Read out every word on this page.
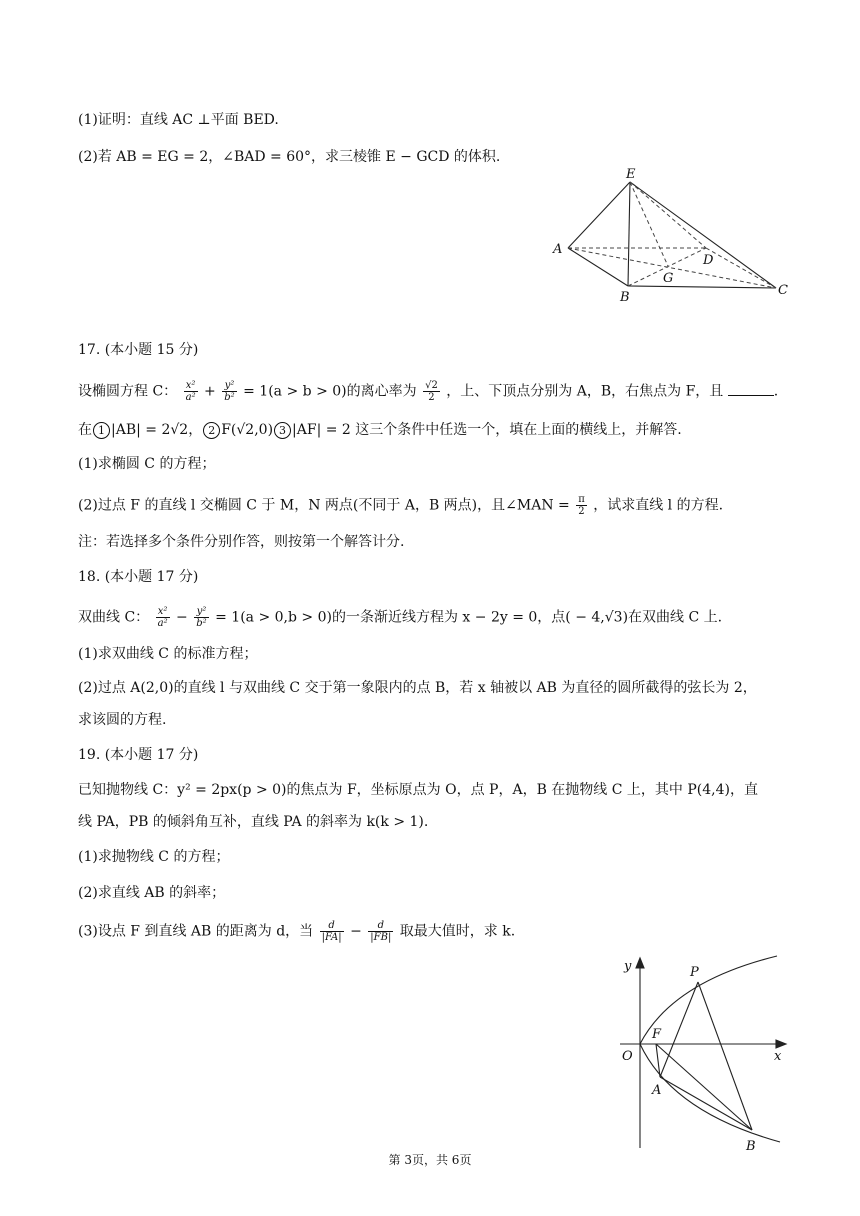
(1)证明：直线 AC ⊥平面 BED.
(2)若 AB = EG = 2，∠BAD = 60°，求三棱锥 E − GCD 的体积.
E
A
D
G
B	C
17. (本小题 15 分)
设椭圆方程 C： $\frac{\text{x²}}{\text{a²}} + \frac{\text{y²}}{\text{b²}} = 1(a > b > 0)$的离心率为 $\frac{√2}{2}$ ，上、下顶点分别为 A，B，右焦点为 F，且	.
在 1 |AB| = 2√2， 2 F(√2,0) 3 |AF| = 2 这三个条件中任选一个，填在上面的横线上，并解答.
(1)求椭圆 C 的方程；
(2)过点 F 的直线 l 交椭圆 C 于 M，N 两点(不同于 A，B 两点)，且∠MAN = $\frac{\pi}{2}$ ，试求直线 l 的方程.
注：若选择多个条件分别作答，则按第一个解答计分.
18. (本小题 17 分)
双曲线 C： $\frac{\text{x²}}{\text{a²}} - \frac{\text{y²}}{\text{b²}} = 1(a > 0,b > 0)$的一条渐近线方程为 x − 2y = 0，点( − 4,√3)在双曲线 C 上.
(1)求双曲线 C 的标准方程；
(2)过点 A(2,0)的直线 l 与双曲线 C 交于第一象限内的点 B，若 x 轴被以 AB 为直径的圆所截得的弦长为 2，
求该圆的方程.
19. (本小题 17 分)
已知抛物线 C：y² = 2px(p > 0)的焦点为 F，坐标原点为 O，点 P，A，B 在抛物线 C 上，其中 P(4,4)，直
线 PA，PB 的倾斜角互补，直线 PA 的斜率为 k(k > 1).
(1)求抛物线 C 的方程；
(2)求直线 AB 的斜率；
(3)设点 F 到直线 AB 的距离为 d，当 $\frac{d}{|FA|} - \frac{d}{|FB|}$ 取最大值时，求 k.
y	P
F
O	x
A
B
第 3页，共 6页
